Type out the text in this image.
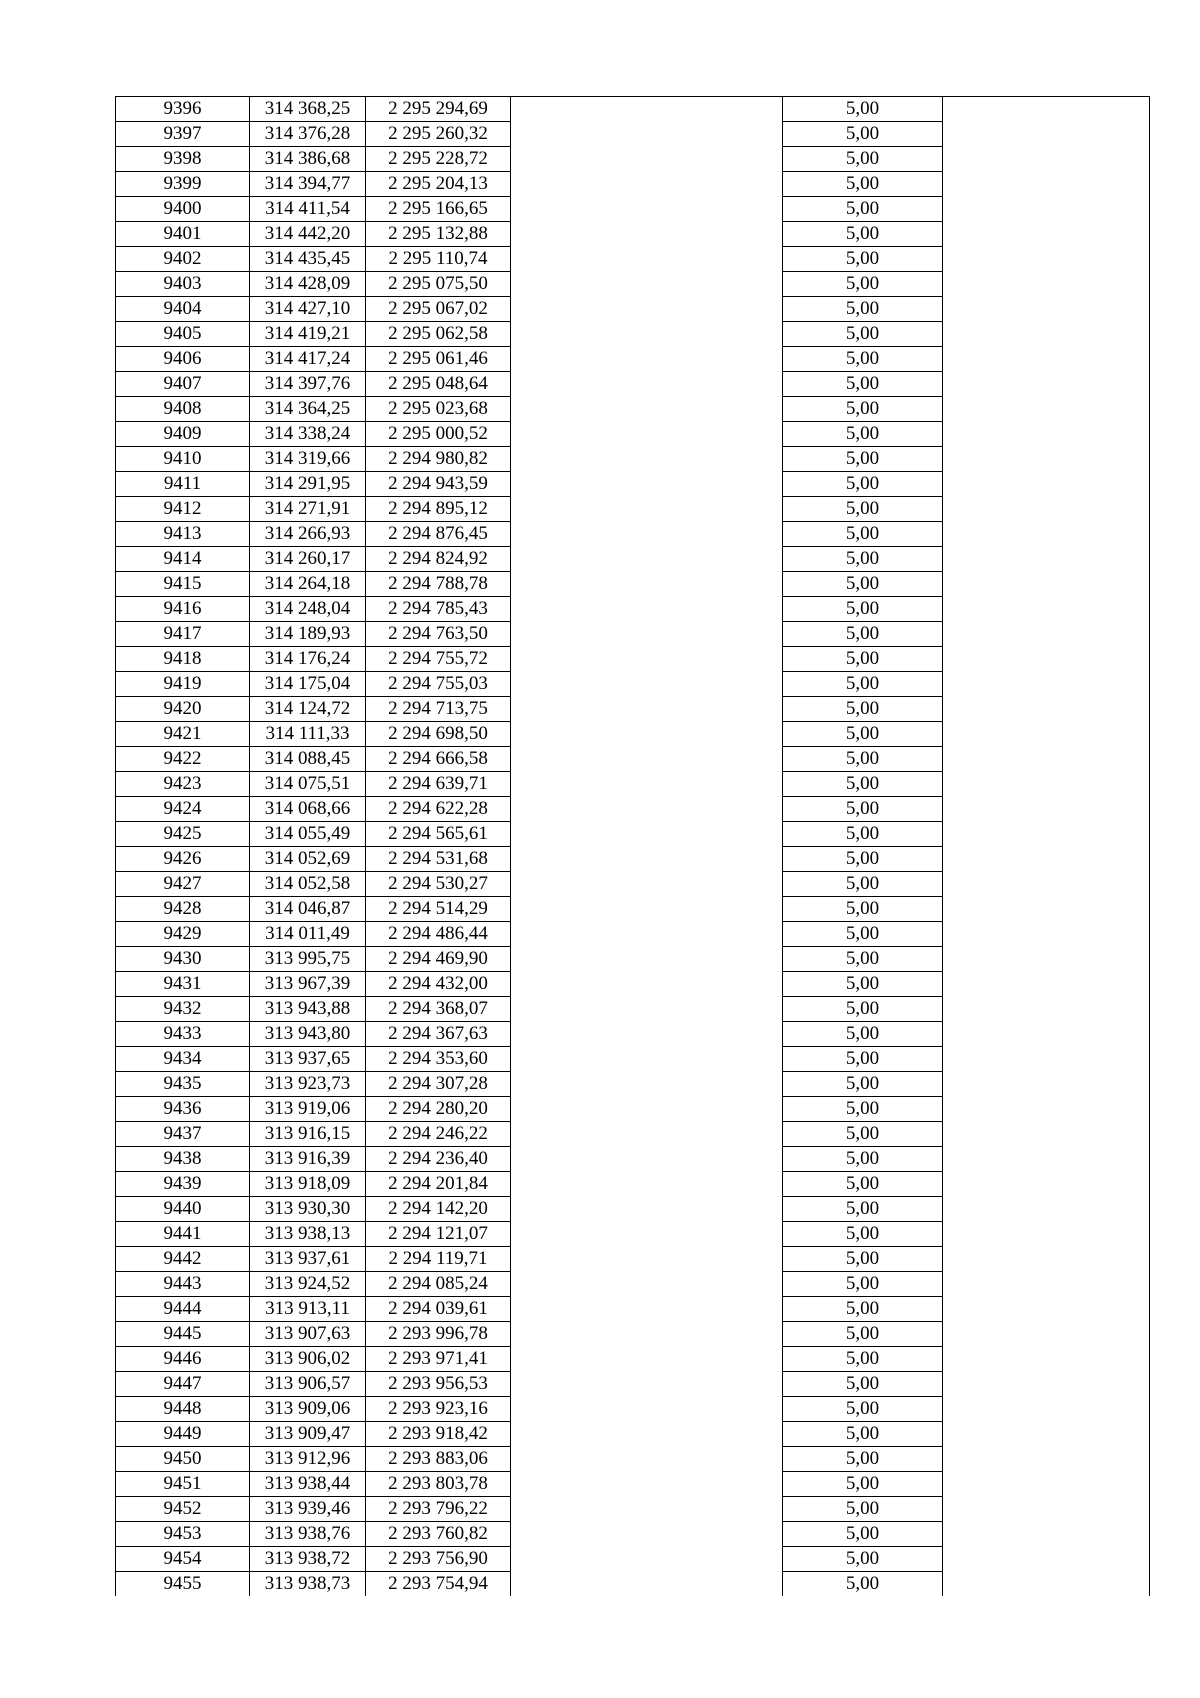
9396	314 368,25	2 295 294,69		5,00	
9397	314 376,28	2 295 260,32		5,00	
9398	314 386,68	2 295 228,72		5,00	
9399	314 394,77	2 295 204,13		5,00	
9400	314 411,54	2 295 166,65		5,00	
9401	314 442,20	2 295 132,88		5,00	
9402	314 435,45	2 295 110,74		5,00	
9403	314 428,09	2 295 075,50		5,00	
9404	314 427,10	2 295 067,02		5,00	
9405	314 419,21	2 295 062,58		5,00	
9406	314 417,24	2 295 061,46		5,00	
9407	314 397,76	2 295 048,64		5,00	
9408	314 364,25	2 295 023,68		5,00	
9409	314 338,24	2 295 000,52		5,00	
9410	314 319,66	2 294 980,82		5,00	
9411	314 291,95	2 294 943,59		5,00	
9412	314 271,91	2 294 895,12		5,00	
9413	314 266,93	2 294 876,45		5,00	
9414	314 260,17	2 294 824,92		5,00	
9415	314 264,18	2 294 788,78		5,00	
9416	314 248,04	2 294 785,43		5,00	
9417	314 189,93	2 294 763,50		5,00	
9418	314 176,24	2 294 755,72		5,00	
9419	314 175,04	2 294 755,03		5,00	
9420	314 124,72	2 294 713,75		5,00	
9421	314 111,33	2 294 698,50		5,00	
9422	314 088,45	2 294 666,58		5,00	
9423	314 075,51	2 294 639,71		5,00	
9424	314 068,66	2 294 622,28		5,00	
9425	314 055,49	2 294 565,61		5,00	
9426	314 052,69	2 294 531,68		5,00	
9427	314 052,58	2 294 530,27		5,00	
9428	314 046,87	2 294 514,29		5,00	
9429	314 011,49	2 294 486,44		5,00	
9430	313 995,75	2 294 469,90		5,00	
9431	313 967,39	2 294 432,00		5,00	
9432	313 943,88	2 294 368,07		5,00	
9433	313 943,80	2 294 367,63		5,00	
9434	313 937,65	2 294 353,60		5,00	
9435	313 923,73	2 294 307,28		5,00	
9436	313 919,06	2 294 280,20		5,00	
9437	313 916,15	2 294 246,22		5,00	
9438	313 916,39	2 294 236,40		5,00	
9439	313 918,09	2 294 201,84		5,00	
9440	313 930,30	2 294 142,20		5,00	
9441	313 938,13	2 294 121,07		5,00	
9442	313 937,61	2 294 119,71		5,00	
9443	313 924,52	2 294 085,24		5,00	
9444	313 913,11	2 294 039,61		5,00	
9445	313 907,63	2 293 996,78		5,00	
9446	313 906,02	2 293 971,41		5,00	
9447	313 906,57	2 293 956,53		5,00	
9448	313 909,06	2 293 923,16		5,00	
9449	313 909,47	2 293 918,42		5,00	
9450	313 912,96	2 293 883,06		5,00	
9451	313 938,44	2 293 803,78		5,00	
9452	313 939,46	2 293 796,22		5,00	
9453	313 938,76	2 293 760,82		5,00	
9454	313 938,72	2 293 756,90		5,00	
9455	313 938,73	2 293 754,94		5,00	
